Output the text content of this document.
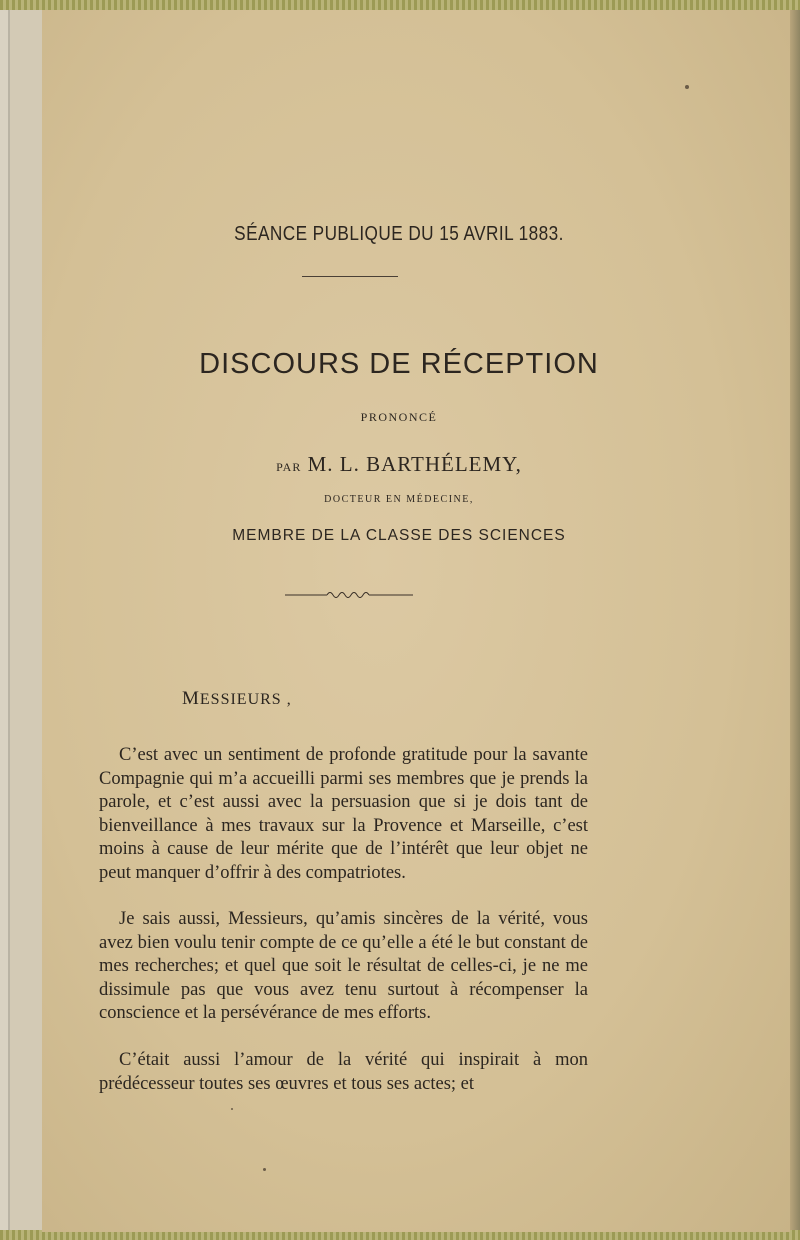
SÉANCE PUBLIQUE DU 15 AVRIL 1883.
DISCOURS DE RÉCEPTION
PRONONCÉ
PAR M. L. BARTHÉLEMY,
DOCTEUR EN MÉDECINE,
MEMBRE DE LA CLASSE DES SCIENCES
MESSIEURS ,

C’est avec un sentiment de profonde gratitude pour la savante Compagnie qui m’a accueilli parmi ses membres que je prends la parole, et c’est aussi avec la persuasion que si je dois tant de bienveillance à mes travaux sur la Provence et Marseille, c’est moins à cause de leur mérite que de l’intérêt que leur objet ne peut manquer d’offrir à des compatriotes.

Je sais aussi, Messieurs, qu’amis sincères de la vérité, vous avez bien voulu tenir compte de ce qu’elle a été le but constant de mes recherches; et quel que soit le résultat de celles-ci, je ne me dissimule pas que vous avez tenu surtout à récompenser la conscience et la persévérance de mes efforts.

C’était aussi l’amour de la vérité qui inspirait à mon prédécesseur toutes ses œuvres et tous ses actes; et
